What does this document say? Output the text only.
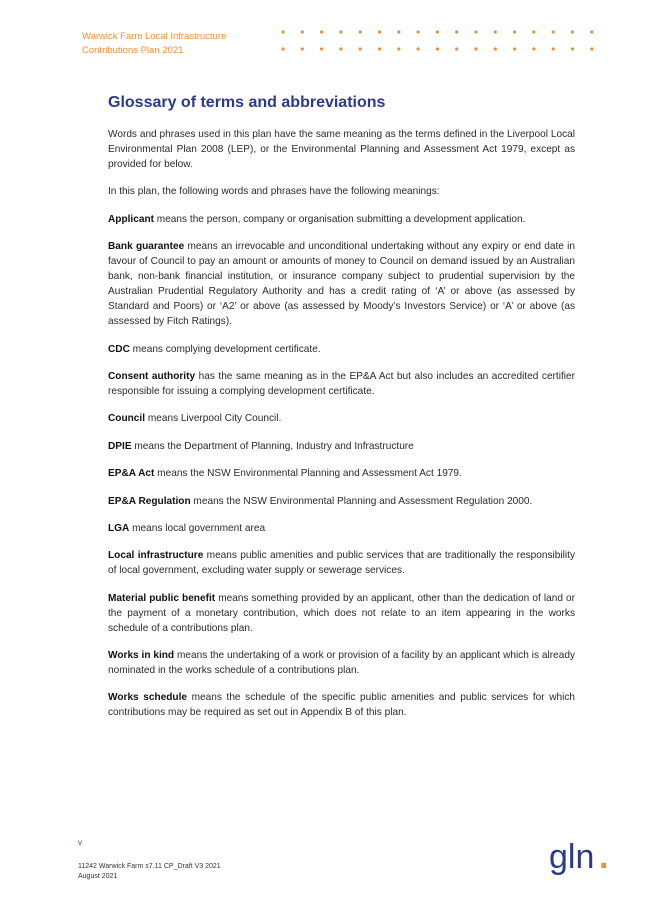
Warwick Farm Local Infrastructure
Contributions Plan 2021
Glossary of terms and abbreviations

Words and phrases used in this plan have the same meaning as the terms defined in the Liverpool Local Environmental Plan 2008 (LEP), or the Environmental Planning and Assessment Act 1979, except as provided for below.

In this plan, the following words and phrases have the following meanings:

Applicant means the person, company or organisation submitting a development application.

Bank guarantee means an irrevocable and unconditional undertaking without any expiry or end date in favour of Council to pay an amount or amounts of money to Council on demand issued by an Australian bank, non-bank financial institution, or insurance company subject to prudential supervision by the Australian Prudential Regulatory Authority and has a credit rating of ‘A’ or above (as assessed by Standard and Poors) or ‘A2’ or above (as assessed by Moody’s Investors Service) or ‘A’ or above (as assessed by Fitch Ratings).

CDC means complying development certificate.

Consent authority has the same meaning as in the EP&A Act but also includes an accredited certifier responsible for issuing a complying development certificate.

Council means Liverpool City Council.

DPIE means the Department of Planning, Industry and Infrastructure

EP&A Act means the NSW Environmental Planning and Assessment Act 1979.

EP&A Regulation means the NSW Environmental Planning and Assessment Regulation 2000.

LGA means local government area

Local infrastructure means public amenities and public services that are traditionally the responsibility of local government, excluding water supply or sewerage services.

Material public benefit means something provided by an applicant, other than the dedication of land or the payment of a monetary contribution, which does not relate to an item appearing in the works schedule of a contributions plan.

Works in kind means the undertaking of a work or provision of a facility by an applicant which is already nominated in the works schedule of a contributions plan.

Works schedule means the schedule of the specific public amenities and public services for which contributions may be required as set out in Appendix B of this plan.

v
11242 Warwick Farm s7.11 CP_Draft V3 2021
August 2021
gln .
